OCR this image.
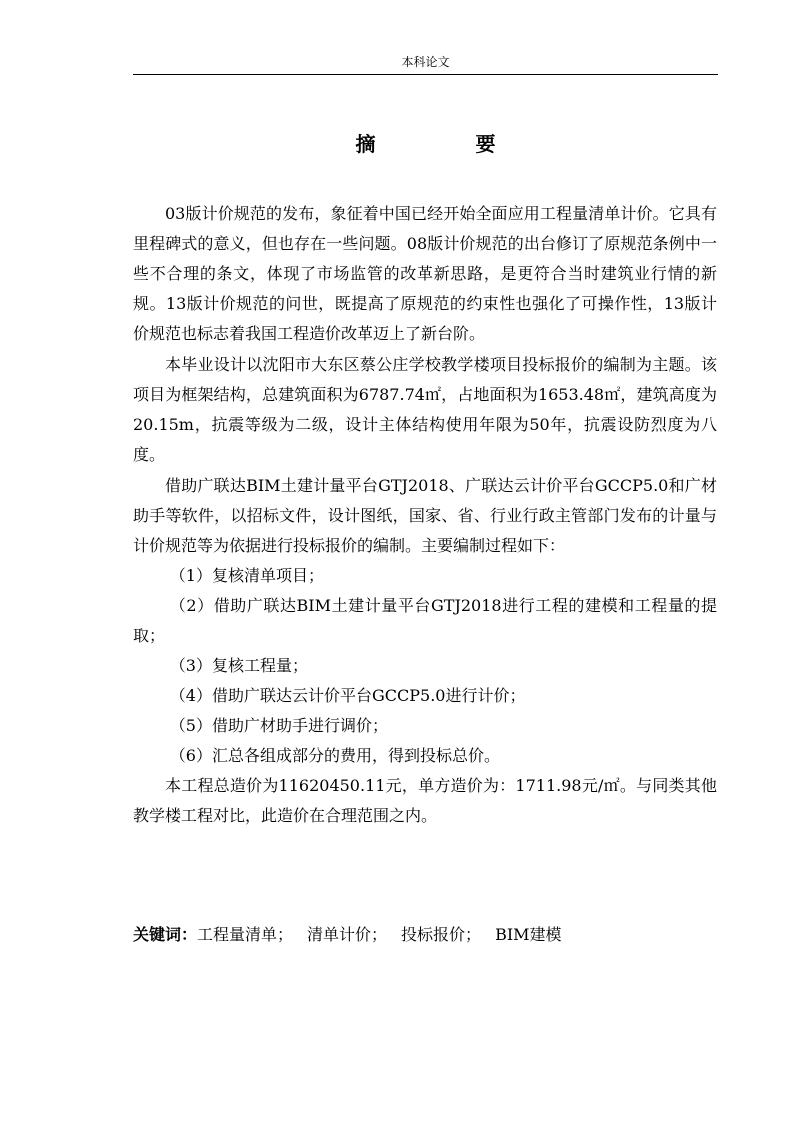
本科论文
摘　要

03版计价规范的发布，象征着中国已经开始全面应用工程量清单计价。它具有里程碑式的意义，但也存在一些问题。08版计价规范的出台修订了原规范条例中一些不合理的条文，体现了市场监管的改革新思路，是更符合当时建筑业行情的新规。13版计价规范的问世，既提高了原规范的约束性也强化了可操作性，13版计价规范也标志着我国工程造价改革迈上了新台阶。

本毕业设计以沈阳市大东区蔡公庄学校教学楼项目投标报价的编制为主题。该项目为框架结构，总建筑面积为6787.74㎡，占地面积为1653.48㎡，建筑高度为20.15m，抗震等级为二级，设计主体结构使用年限为50年，抗震设防烈度为八度。

借助广联达BIM土建计量平台GTJ2018、广联达云计价平台GCCP5.0和广材助手等软件，以招标文件，设计图纸，国家、省、行业行政主管部门发布的计量与计价规范等为依据进行投标报价的编制。主要编制过程如下：

（1）复核清单项目；

（2）借助广联达BIM土建计量平台GTJ2018进行工程的建模和工程量的提取；

（3）复核工程量；

（4）借助广联达云计价平台GCCP5.0进行计价；

（5）借助广材助手进行调价；

（6）汇总各组成部分的费用，得到投标总价。

本工程总造价为11620450.11元，单方造价为：1711.98元/㎡。与同类其他教学楼工程对比，此造价在合理范围之内。

关键词：工程量清单； 清单计价； 投标报价； BIM建模
